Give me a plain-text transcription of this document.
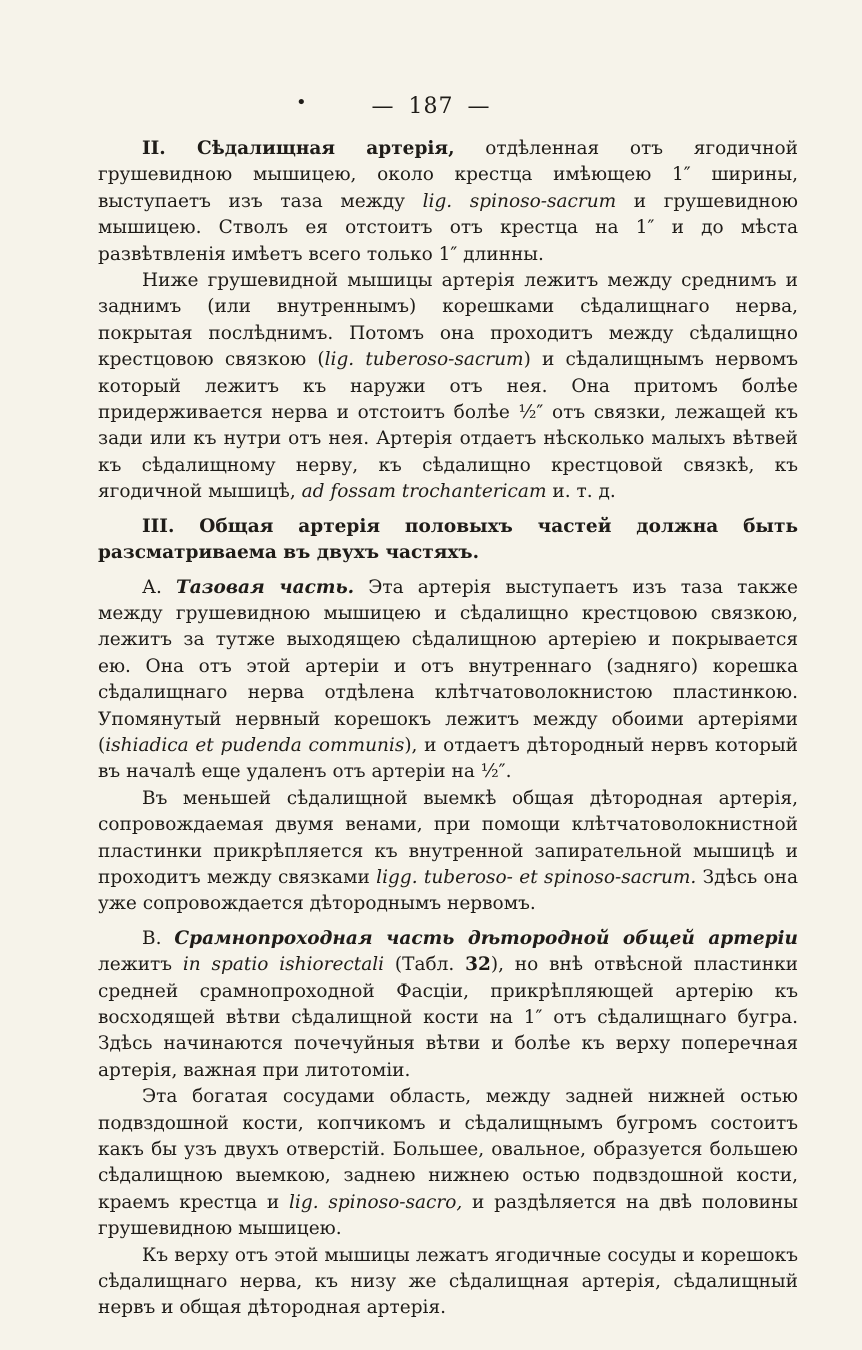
•	— 187 —

II. Сѣдалищная артерія, отдѣленная отъ ягодичной грушевидною мышицею, около крестца имѣющею 1″ ширины, выступаетъ изъ таза между lig. spinoso-sacrum и грушевидною мышицею. Стволъ ея отстоитъ отъ крестца на 1″ и до мѣста развѣтвленія имѣетъ всего только 1″ длинны.

Ниже грушевидной мышицы артерія лежитъ между среднимъ и заднимъ (или внутреннымъ) корешками сѣдалищнаго нерва, покрытая послѣднимъ. Потомъ она проходитъ между сѣдалищно крестцовою связкою (lig. tuberoso-sacrum) и сѣдалищнымъ нервомъ который лежитъ къ наружи отъ нея. Она притомъ болѣе придерживается нерва и отстоитъ болѣе ½″ отъ связки, лежащей къ зади или къ нутри отъ нея. Артерія отдаетъ нѣсколько малыхъ вѣтвей къ сѣдалищному нерву, къ сѣдалищно крестцовой связкѣ, къ ягодичной мышицѣ, ad fossam trochantericam и. т. д.

III. Общая артерія половыхъ частей должна быть разсматриваема въ двухъ частяхъ.

А. Тазовая часть. Эта артерія выступаетъ изъ таза также между грушевидною мышицею и сѣдалищно крестцовою связкою, лежитъ за тутже выходящею сѣдалищною артеріею и покрывается ею. Она отъ этой артеріи и отъ внутреннаго (задняго) корешка сѣдалищнаго нерва отдѣлена клѣтчатоволокнистою пластинкою. Упомянутый нервный корешокъ лежитъ между обоими артеріями (ishiadica et pudenda communis), и отдаетъ дѣтородный нервъ который въ началѣ еще удаленъ отъ артеріи на ½″.

Въ меньшей сѣдалищной выемкѣ общая дѣтородная артерія, сопровождаемая двумя венами, при помощи клѣтчатоволокнистной пластинки прикрѣпляется къ внутренной запирательной мышицѣ и проходитъ между связками ligg. tuberoso- et spinoso-sacrum. Здѣсь она уже сопровождается дѣтороднымъ нервомъ.

В. Срамнопроходная часть дѣтородной общей артеріи лежитъ in spatio ishiorectali (Табл. 32), но внѣ отвѣсной пластинки средней срамнопроходной Фасціи, прикрѣпляющей артерію къ восходящей вѣтви сѣдалищной кости на 1″ отъ сѣдалищнаго бугра. Здѣсь начинаются почечуйныя вѣтви и болѣе къ верху поперечная артерія, важная при литотоміи.

Эта богатая сосудами область, между задней нижней остью подвздошной кости, копчикомъ и сѣдалищнымъ бугромъ состоитъ какъ бы узъ двухъ отверстій. Большее, овальное, образуется большею сѣдалищною выемкою, заднею нижнею остью подвздошной кости, краемъ крестца и lig. spinoso-sacro, и раздѣляется на двѣ половины грушевидною мышицею.

Къ верху отъ этой мышицы лежатъ ягодичные сосуды и корешокъ сѣдалищнаго нерва, къ низу же сѣдалищная артерія, сѣдалищный нервъ и общая дѣтородная артерія.
